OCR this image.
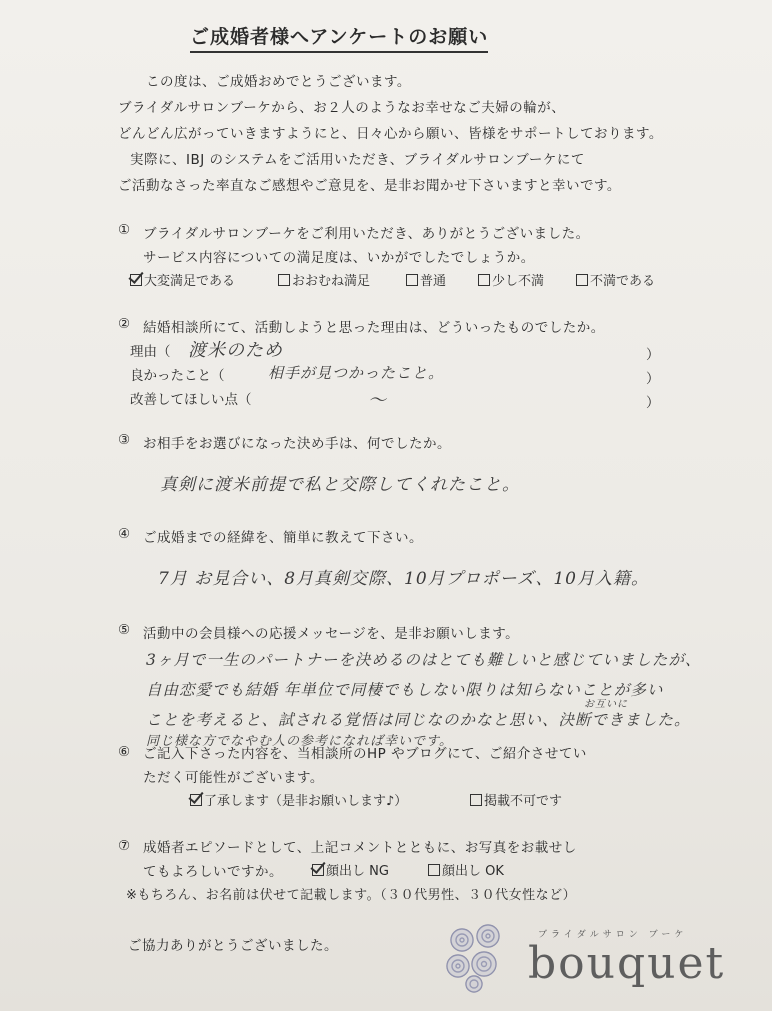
ご成婚者様へアンケートのお願い
この度は、ご成婚おめでとうございます。
ブライダルサロンブーケから、お２人のようなお幸せなご夫婦の輪が、
どんどん広がっていきますようにと、日々心から願い、皆様をサポートしております。
実際に、IBJ のシステムをご活用いただき、ブライダルサロンブーケにて
ご活動なさった率直なご感想やご意見を、是非お聞かせ下さいますと幸いです。
① ブライダルサロンブーケをご利用いただき、ありがとうございました。
サービス内容についての満足度は、いかがでしたでしょうか。
大変満足である	おおむね満足	普通	少し不満	不満である
② 結婚相談所にて、活動しようと思った理由は、どういったものでしたか。
理由（ 渡米のため	）
良かったこと（	相手が見つかったこと。	）
改善してほしい点（	〜	）
③ お相手をお選びになった決め手は、何でしたか。
真剣に渡米前提で私と交際してくれたこと。
④ ご成婚までの経緯を、簡単に教えて下さい。
7月 お見合い、8月真剣交際、10月プロポーズ、10月入籍。
⑤ 活動中の会員様への応援メッセージを、是非お願いします。
3ヶ月で一生のパートナーを決めるのはとても難しいと感じていましたが、
自由恋愛でも結婚 年単位で同棲でもしない限りは知らないことが多い
ことを考えると、試される覚悟は同じなのかなと思い、決断できました。
同じ様な方でなやむ人の参考になれば幸いです。
お互いに
⑥ ご記入下さった内容を、当相談所のHP やブログにて、ご紹介させてい
ただく可能性がございます。
了承します（是非お願いします♪）	掲載不可です
⑦ 成婚者エピソードとして、上記コメントとともに、お写真をお載せし
てもよろしいですか。	顔出し NG	顔出し OK
※もちろん、お名前は伏せて記載します。（３０代男性、３０代女性など）
ご協力ありがとうございました。
ブライダルサロン ブーケ
bouquet
